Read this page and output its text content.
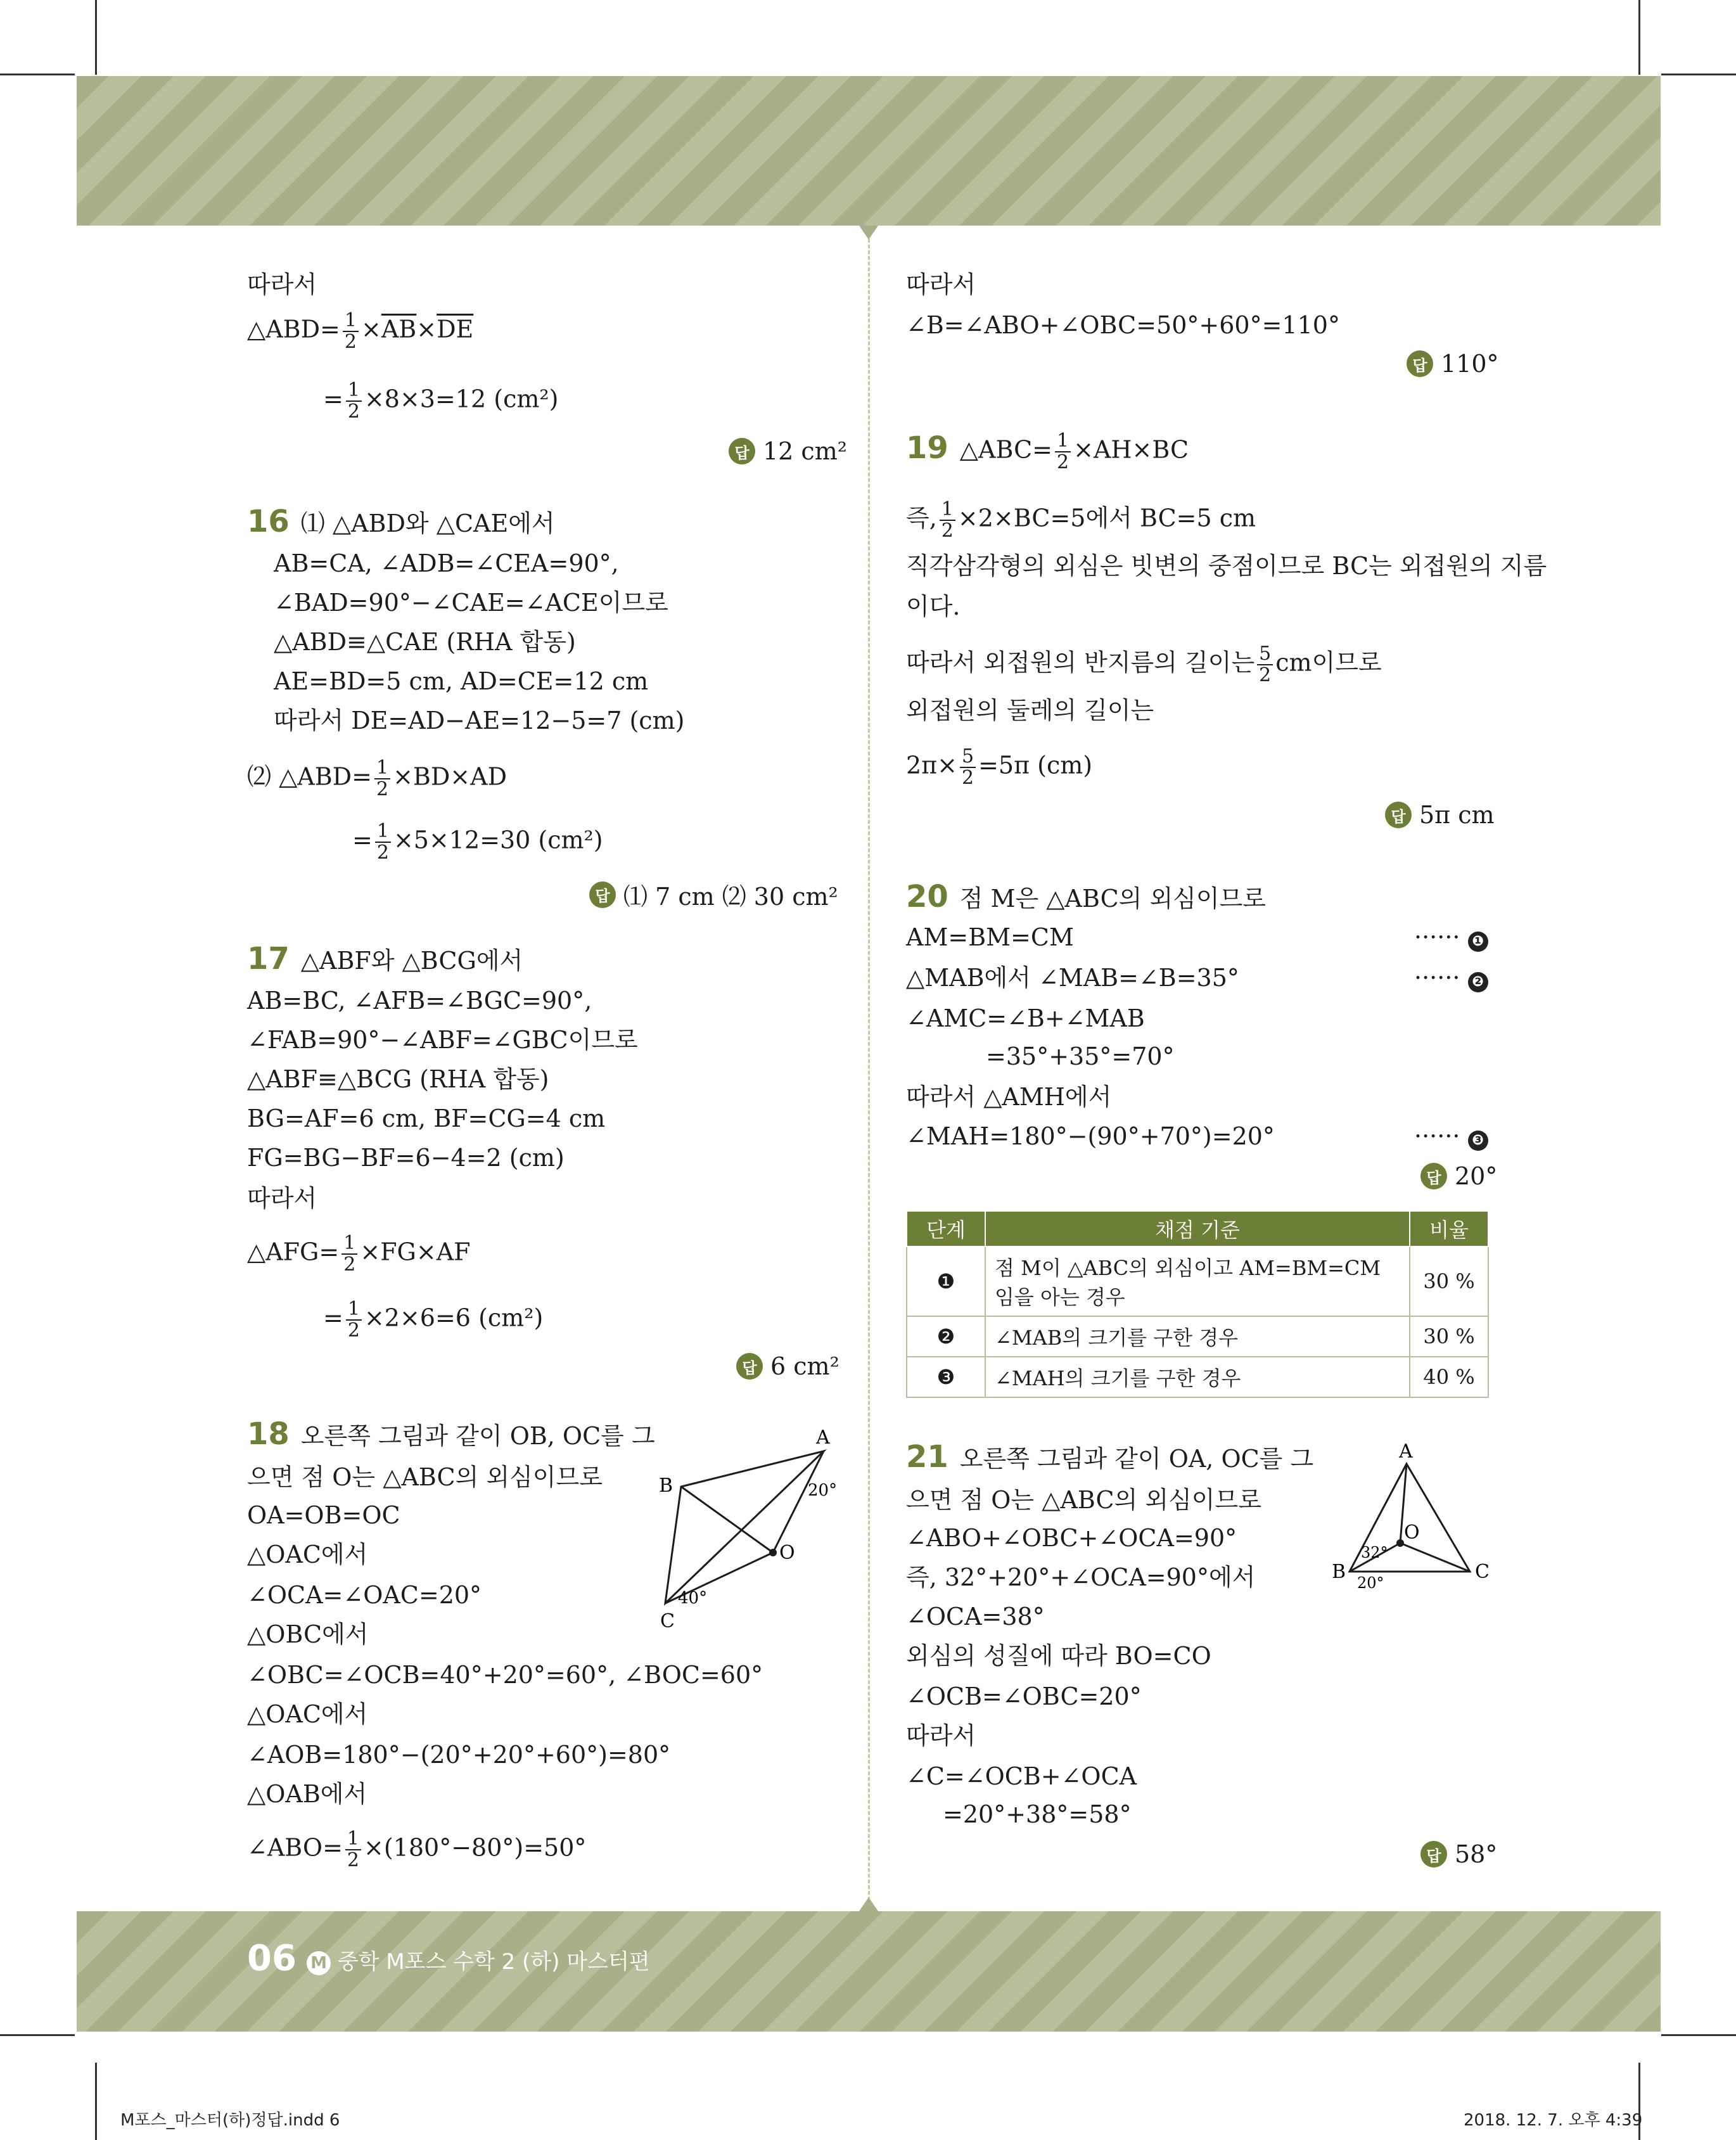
따라서
△ABD= $\frac{1}{2} \times\overline{AB}\times\overline{DE}$
= $\frac{1}{2} \times 8\times 3=12$ (cm²)
답 12 cm²
16 ⑴ △ABD와 △CAE에서
AB=CA, ∠ADB=∠CEA=90°,
∠BAD=90°−∠CAE=∠ACE이므로
△ABD≡△CAE (RHA 합동)
AE=BD=5 cm, AD=CE=12 cm
따라서 DE=AD−AE=12−5=7 (cm)
⑵ △ABD= $\frac{1}{2} \times BD\times AD$
= $\frac{1}{2} \times 5\times 12=30$ (cm²)
답 ⑴ 7 cm ⑵ 30 cm²
17 △ABF와 △BCG에서
AB=BC, ∠AFB=∠BGC=90°,
∠FAB=90°−∠ABF=∠GBC이므로
△ABF≡△BCG (RHA 합동)
BG=AF=6 cm, BF=CG=4 cm
FG=BG−BF=6−4=2 (cm)
따라서
△AFG= $\frac{1}{2} \times FG\times AF$
= $\frac{1}{2} \times 2\times 6=6$ (cm²)
답 6 cm²
18 오른쪽 그림과 같이 OB, OC를 그
으면 점 O는 △ABC의 외심이므로
OA=OB=OC
△OAC에서
∠OCA=∠OAC=20°
△OBC에서
∠OBC=∠OCB=40°+20°=60°, ∠BOC=60°
△OAC에서
∠AOB=180°−(20°+20°+60°)=80°
△OAB에서
∠ABO= $\frac{1}{2} \times(180^\circ-80^\circ)=50^\circ$
A
B
C
O
20°
40°
따라서
∠B=∠ABO+∠OBC=50°+60°=110°
답 110°
19 △ABC= $\frac{1}{2} \times AH\times BC$
즉, $\frac{1}{2} \times 2\times BC=5$에서 BC=5 cm
직각삼각형의 외심은 빗변의 중점이므로 BC는 외접원의 지름
이다.
따라서 외접원의 반지름의 길이는 $\frac{5}{2}$ cm이므로
외접원의 둘레의 길이는
$2\pi\times \frac{5}{2} =5\pi$ (cm)
답 5π cm
20 점 M은 △ABC의 외심이므로
AM=BM=CM	······ ❶
△MAB에서 ∠MAB=∠B=35°	······ ❷
∠AMC=∠B+∠MAB
=35°+35°=70°
따라서 △AMH에서
∠MAH=180°−(90°+70°)=20°	······ ❸
답 20°
단계	채점 기준	비율
❶	점 M이 △ABC의 외심이고 AM=BM=CM 임을 아는 경우	30 %
❷	∠MAB의 크기를 구한 경우	30 %
❸	∠MAH의 크기를 구한 경우	40 %
21 오른쪽 그림과 같이 OA, OC를 그
으면 점 O는 △ABC의 외심이므로
∠ABO+∠OBC+∠OCA=90°
즉, 32°+20°+∠OCA=90°에서
∠OCA=38°
외심의 성질에 따라 BO=CO
∠OCB=∠OBC=20°
따라서
∠C=∠OCB+∠OCA
=20°+38°=58°
답 58°
A
B	C
O
32°
20°
06 M 중학 M포스 수학 2 (하) 마스터편
M포스_마스터(하)정답.indd 6	2018. 12. 7. 오후 4:39
